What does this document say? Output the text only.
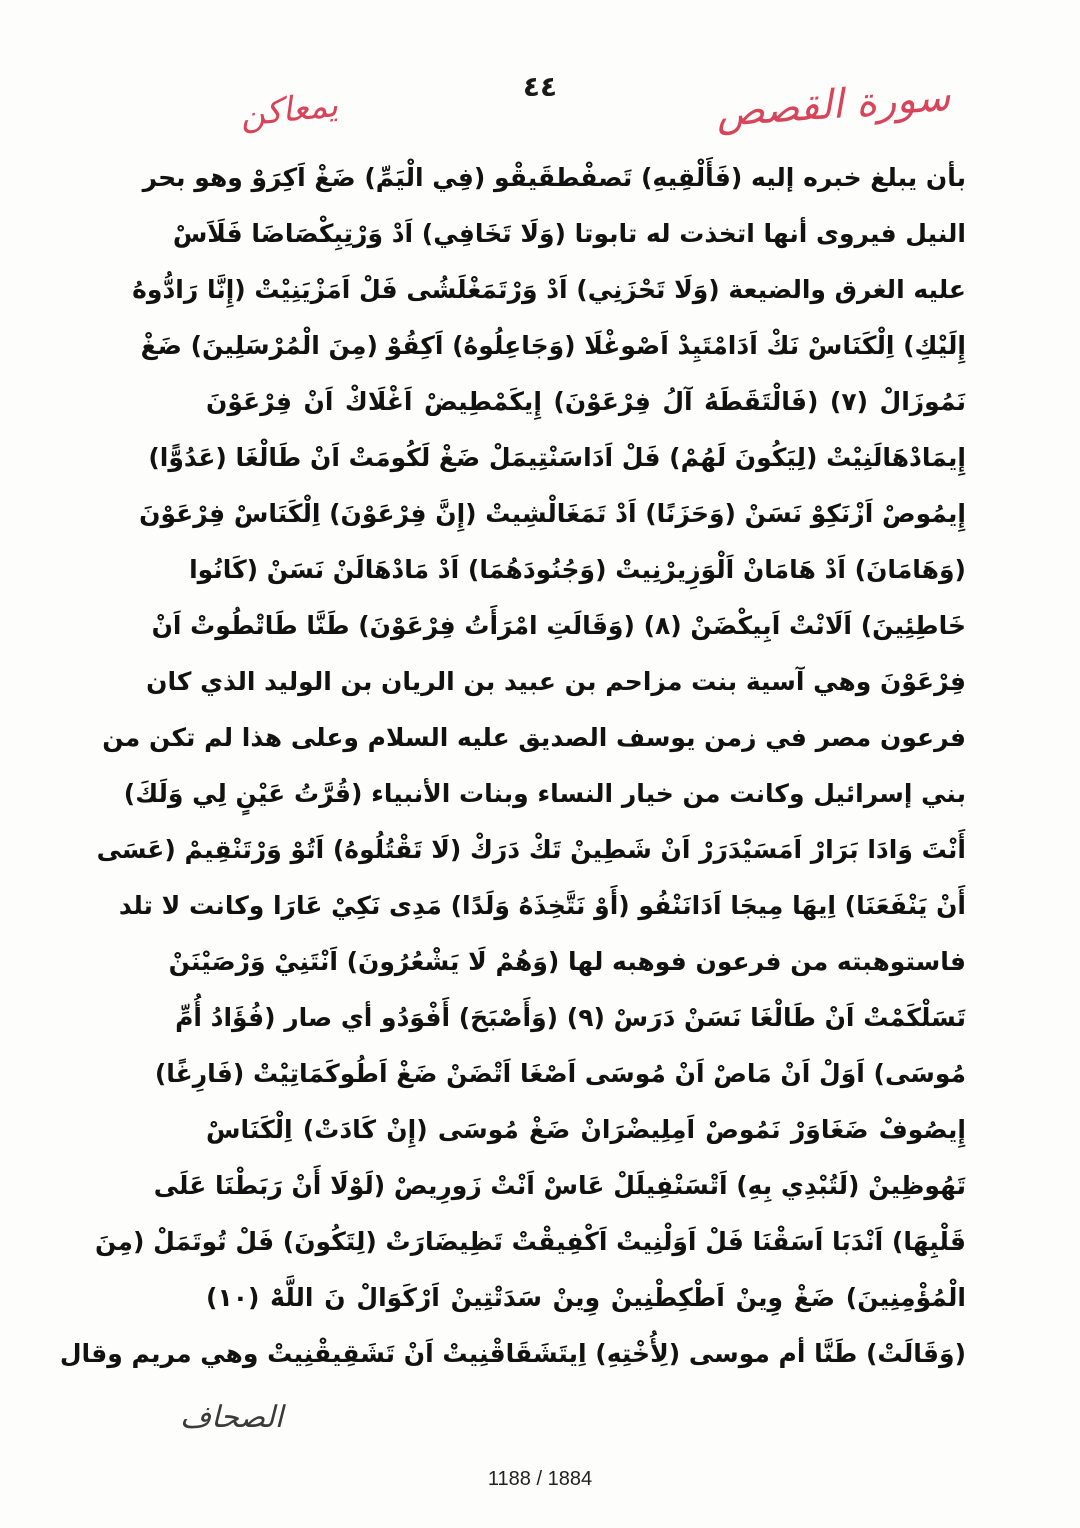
٤٤	سورة القصص
يمعاكن
بأن يبلغ خبره إليه (فَأَلْقِيهِ) تَصفْطقَيقْو (فِي الْيَمِّ) ضَغْ اَكِرَوْ وهو بحر
النيل فيروى أنها اتخذت له تابوتا (وَلَا تَخَافِي) اَدْ وَرْتِبِكْصَاضَا فَلَاَسْ
عليه الغرق والضيعة (وَلَا تَحْزَنِي) اَدْ وَرْتَمَغْلَشُى فَلْ اَمَزْيَنِيْتْ (إِنَّا رَادُّوهُ
إِلَيْكِ) اِلْكَنَاسْ نَكْ اَدَامْتَيِدْ اَصْوغْلَا (وَجَاعِلُوهُ) اَكِقُوْ (مِنَ الْمُرْسَلِينَ) ضَغْ
نَمُوزَالْ (٧) (فَالْتَقَطَهُ آلُ فِرْعَوْنَ) إِيكَمْطِيضْ اَغْلَاكْ اَنْ فِرْعَوْنَ
إِيمَادْهَالَنِيْتْ (لِيَكُونَ لَهُمْ) فَلْ اَدَاسَنْتِيمَلْ ضَغْ لَكُومَتْ اَنْ طَالْغَا (عَدُوًّا)
إِيمُوصْ اَزْنَكِوْ نَسَنْ (وَحَزَنًا) اَدْ تَمَغَالْشِيتْ (إِنَّ فِرْعَوْنَ) اِلْكَنَاسْ فِرْعَوْنَ
(وَهَامَانَ) اَدْ هَامَانْ اَلْوَزِيرْنِيتْ (وَجُنُودَهُمَا) اَدْ مَادْهَالَنْ نَسَنْ (كَانُوا
خَاطِئِينَ) اَلَانْتْ اَبِيكْضَنْ (٨) (وَقَالَتِ امْرَأَتُ فِرْعَوْنَ) طَنَّا طَاتْطُوتْ اَنْ
فِرْعَوْنَ وهي آسية بنت مزاحم بن عبيد بن الريان بن الوليد الذي كان
فرعون مصر في زمن يوسف الصديق عليه السلام وعلى هذا لم تكن من
بني إسرائيل وكانت من خيار النساء وبنات الأنبياء (قُرَّتُ عَيْنٍ لِي وَلَكَ)
أَنْتَ وَادَا بَرَارْ اَمَسَيْدَرَرْ اَنْ شَطِينْ تَكْ دَرَكْ (لَا تَقْتُلُوهُ) اَتُوْ وَرْتَنْقِيمْ (عَسَى
أَنْ يَنْفَعَنَا) اِيهَا مِيجَا اَدَانَنْفُو (أَوْ نَتَّخِذَهُ وَلَدًا) مَدِى نَكِيْ عَارَا وكانت لا تلد
فاستوهبته من فرعون فوهبه لها (وَهُمْ لَا يَشْعُرُونَ) اَنْتَنِيْ وَرْصَيْنَنْ
تَسَلْكَمْتْ اَنْ طَالْغَا نَسَنْ دَرَسْ (٩) (وَأَصْبَحَ) أَفْوَدُو أي صار (فُؤَادُ أُمِّ
مُوسَى) اَوَلْ اَنْ مَاصْ اَنْ مُوسَى اَصْغَا اَتْضَنْ ضَغْ اَطُوكَمَاتِيْتْ (فَارِغًا)
إِيصُوفْ ضَغَاوَرْ نَمُوصْ اَمِلِيضْرَانْ ضَغْ مُوسَى (إِنْ كَادَتْ) اِلْكَنَاسْ
تَهُوظِينْ (لَتُبْدِي بِهِ) اَتْسَنْفِيلَلْ عَاسْ اَنْتْ زَورِيصْ (لَوْلَا أَنْ رَبَطْنَا عَلَى
قَلْبِهَا) اَنْدَبَا اَسَقْنَا فَلْ اَوَلْنِيتْ اَكْفِيقْتْ تَظِيضَارَتْ (لِتَكُونَ) فَلْ تُوتَمَلْ (مِنَ
الْمُؤْمِنِينَ) ضَغْ وِينْ اَطْكِطْنِينْ وِينْ سَدَتْتِينْ اَرْكَوَالْ نَ اللَّهْ (١٠)
(وَقَالَتْ) طَنَّا أم موسى (لِأُخْتِهِ) اِيتَشَقَاقْنِيتْ اَنْ تَشَقِيقْنِيتْ وهي مريم وقال
الصحاف
1188 / 1884
